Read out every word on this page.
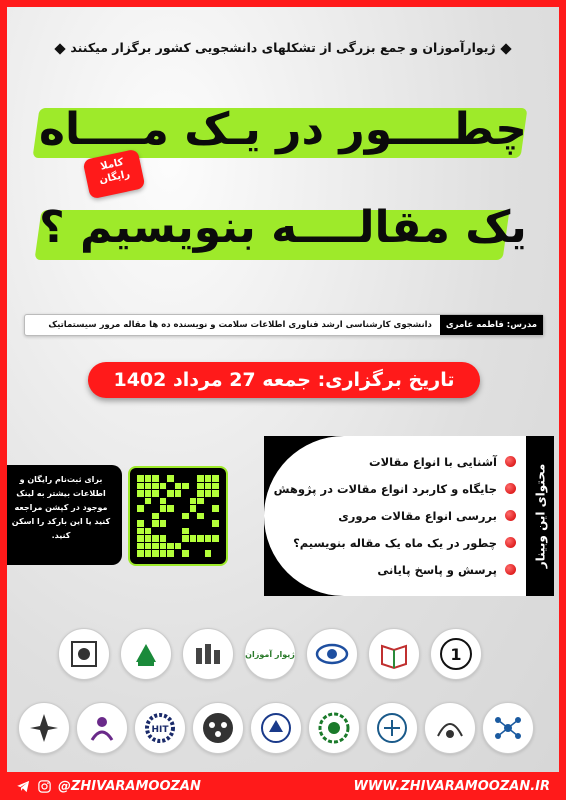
ژیوارآموزان و جمع بزرگی از تشکلهای دانشجویی کشور برگزار میکنند
چطــــور در یـک مــــاه
یک مقالــــه بنویسیم ؟
کاملا
رایگان
مدرس: فاطمه عامری
دانشجوی کارشناسی ارشد فناوری اطلاعات سلامت و نویسنده ده ها مقاله مرور سیستماتیک
تاریخ برگزاری: جمعه 27 مرداد 1402
محتوای این وبینار
آشنایی با انواع مقالات
جایگاه و کاربرد انواع مقالات در پژوهش
بررسی انواع مقالات مروری
چطور در یک ماه یک مقاله بنویسیم؟
پرسش و پاسخ پایانی
برای ثبت‌نام رایگان و اطلاعات بیشتر به لینک موجود در کپشن مراجعه کنید یا این بارکد را اسکن کنید.
ژیوار آموزان	1
HIT
@ZHIVARAMOOZAN	WWW.ZHIVARAMOOZAN.IR
